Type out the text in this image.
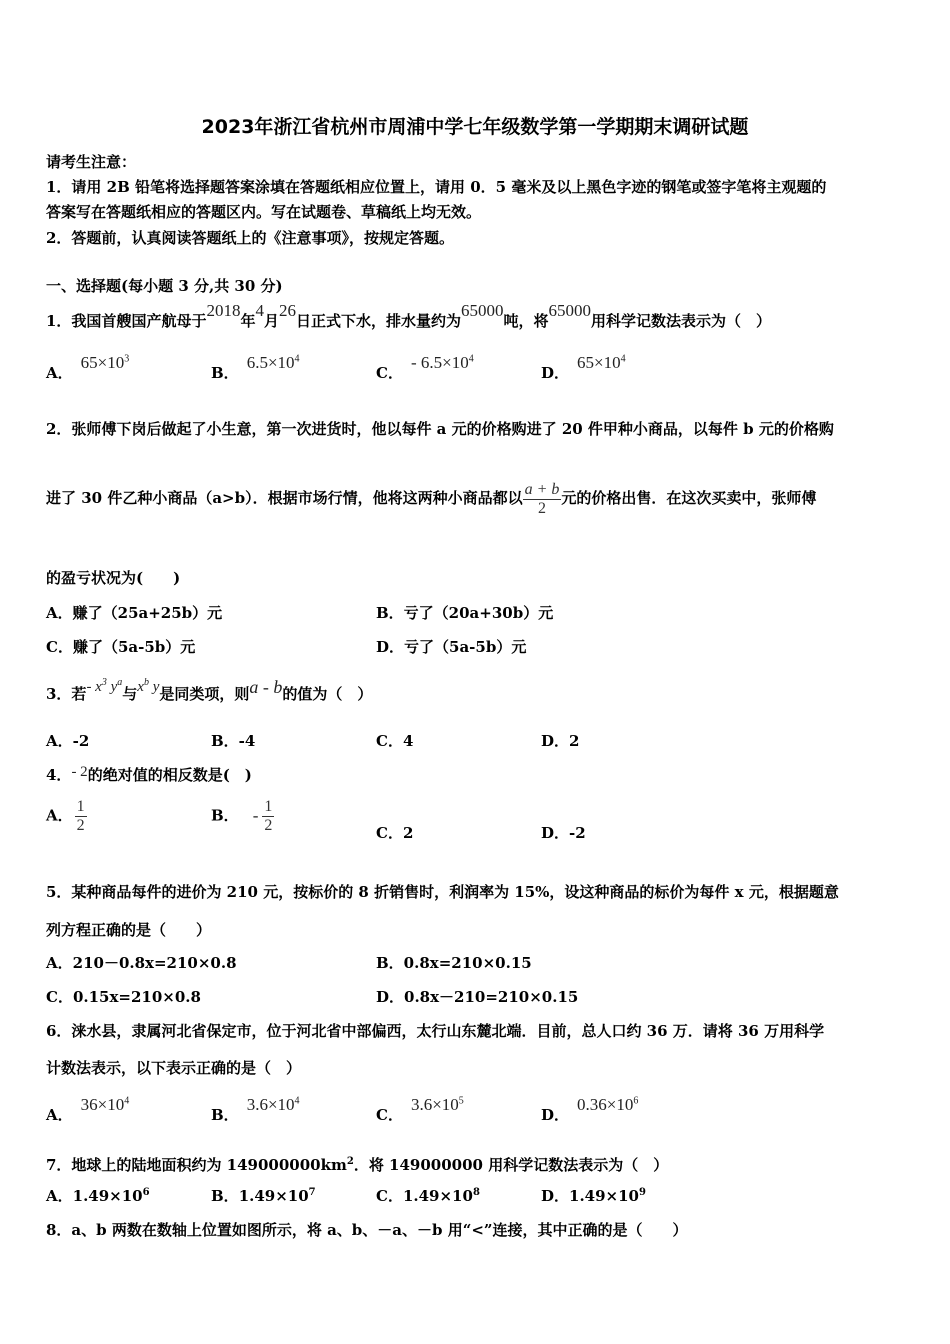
2023年浙江省杭州市周浦中学七年级数学第一学期期末调研试题
请考生注意：
1．请用 2B 铅笔将选择题答案涂填在答题纸相应位置上，请用 0．5 毫米及以上黑色字迹的钢笔或签字笔将主观题的
答案写在答题纸相应的答题区内。写在试题卷、草稿纸上均无效。
2．答题前，认真阅读答题纸上的《注意事项》，按规定答题。
一、选择题(每小题 3 分,共 30 分)
1．我国首艘国产航母于2018年4月26日正式下水，排水量约为65000吨，将65000用科学记数法表示为（　）
A．$65\times 10^3$
B．$6.5\times 10^4$
C．- $6.5\times 10^4$
D．$65\times 10^4$
2．张师傅下岗后做起了小生意，第一次进货时，他以每件 a 元的价格购进了 20 件甲种小商品，以每件 b 元的价格购
进了 30 件乙种小商品（a>b）．根据市场行情，他将这两种小商品都以 $\frac{a + b}{2}$ 元的价格出售．在这次买卖中，张师傅
的盈亏状况为(　　)
A．赚了（25a+25b）元	B．亏了（20a+30b）元
C．赚了（5a-5b）元	D．亏了（5a-5b）元
3．若- $x^3$ $y^a$与$x^b$ y是同类项，则a - b的值为（　）
A．-2	B．-4	C．4	D．2
4．- 2的绝对值的相反数是(　)
A． $\frac{1}{2}$	B． - $\frac{1}{2}$	C．2	D．-2
5．某种商品每件的进价为 210 元，按标价的 8 折销售时，利润率为 15%，设这种商品的标价为每件 x 元，根据题意
列方程正确的是（　　）
A．210－0.8x=210×0.8	B．0.8x=210×0.15
C．0.15x=210×0.8	D．0.8x－210=210×0.15
6．涞水县，隶属河北省保定市，位于河北省中部偏西，太行山东麓北端．目前，总人口约 36 万．请将 36 万用科学
计数法表示，以下表示正确的是（　）
A．$36\times 10^4$
B．$3.6\times 10^4$
C．$3.6\times 10^5$
D．$0.36\times 10^6$
7．地球上的陆地面积约为 $149000000km^2$．将 149000000 用科学记数法表示为（　）
A．$1.49\times 10^6$	B．$1.49\times 10^7$	C．$1.49\times 10^8$	D．$1.49\times 10^9$
8．a、b 两数在数轴上位置如图所示，将 a、b、－a、－b 用“<”连接，其中正确的是（　　）
